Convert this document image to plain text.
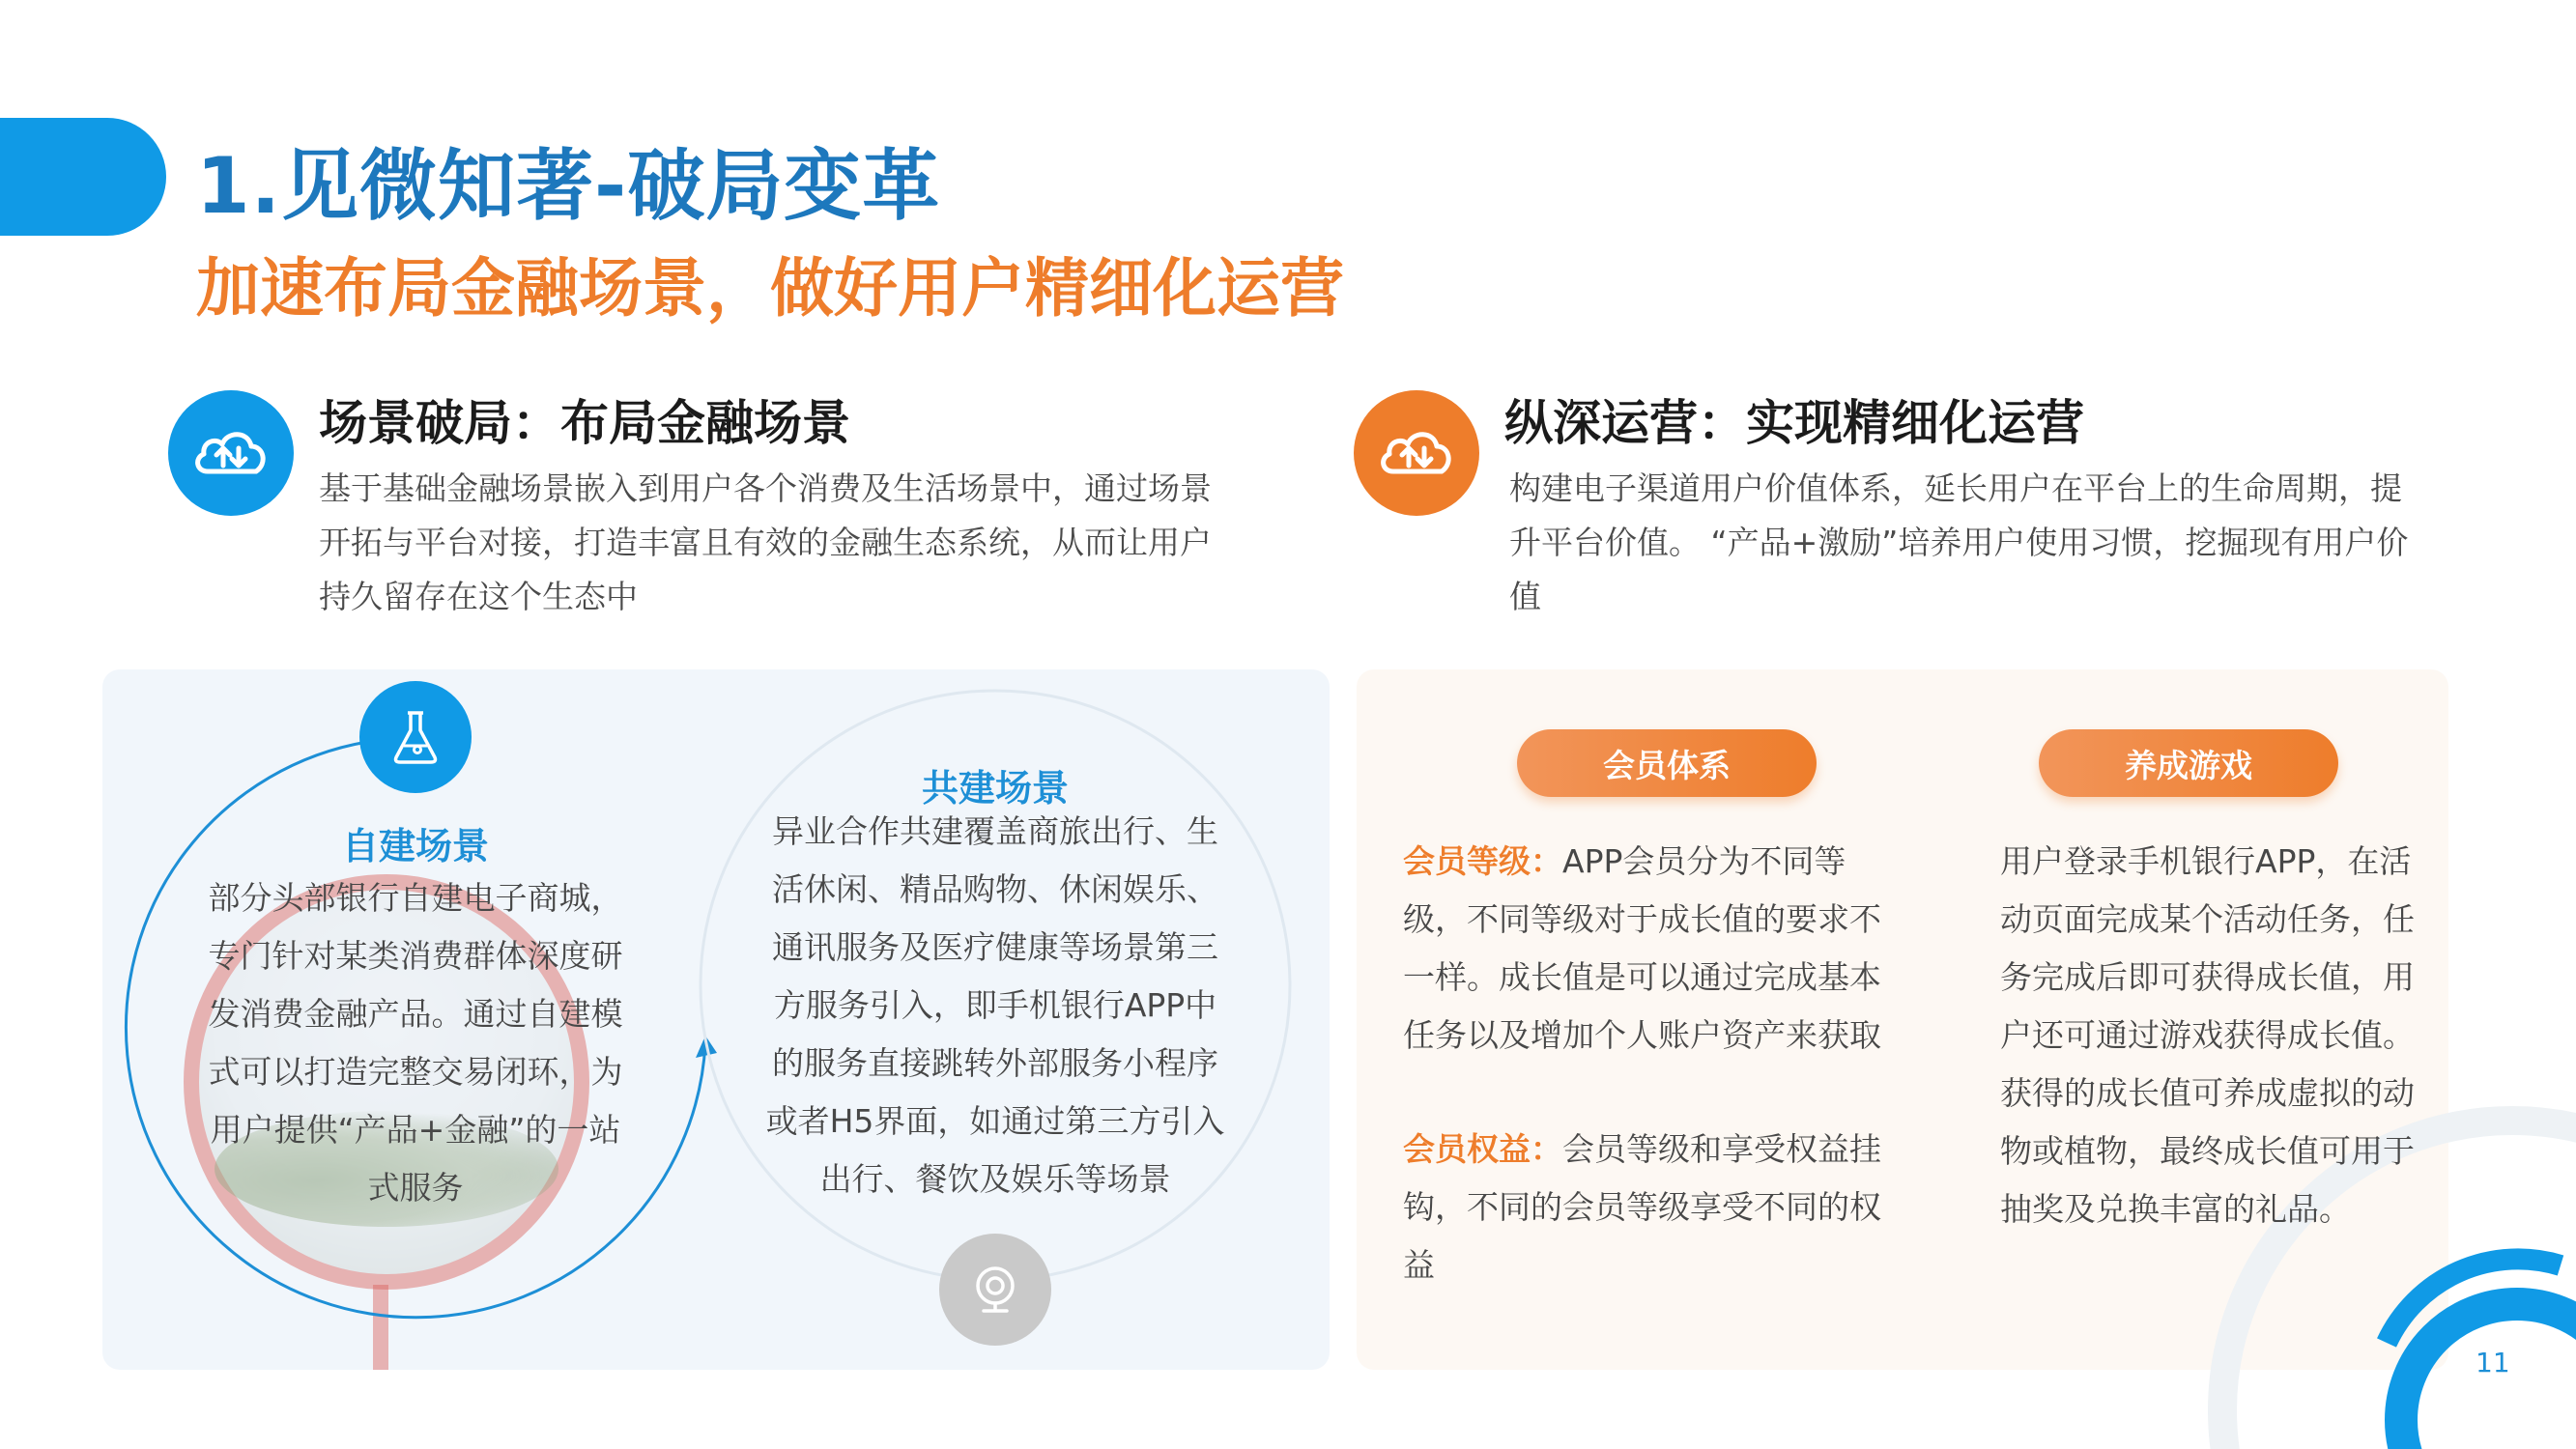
1.见微知著-破局变革
加速布局金融场景，做好用户精细化运营
场景破局：布局金融场景
基于基础金融场景嵌入到用户各个消费及生活场景中，通过场景开拓与平台对接，打造丰富且有效的金融生态系统，从而让用户持久留存在这个生态中
纵深运营：实现精细化运营
构建电子渠道用户价值体系，延长用户在平台上的生命周期，提升平台价值。 “产品+激励”培养用户使用习惯，挖掘现有用户价值
自建场景
部分头部银行自建电子商城，专门针对某类消费群体深度研发消费金融产品。通过自建模式可以打造完整交易闭环，为用户提供“产品+金融”的一站式服务
共建场景
异业合作共建覆盖商旅出行、生活休闲、精品购物、休闲娱乐、通讯服务及医疗健康等场景第三方服务引入，即手机银行APP中的服务直接跳转外部服务小程序或者H5界面，如通过第三方引入出行、餐饮及娱乐等场景
会员体系	养成游戏
会员等级：APP会员分为不同等级，不同等级对于成长值的要求不一样。成长值是可以通过完成基本任务以及增加个人账户资产来获取
会员权益：会员等级和享受权益挂钩，不同的会员等级享受不同的权益
用户登录手机银行APP，在活动页面完成某个活动任务，任务完成后即可获得成长值，用户还可通过游戏获得成长值。获得的成长值可养成虚拟的动物或植物，最终成长值可用于抽奖及兑换丰富的礼品。
11
